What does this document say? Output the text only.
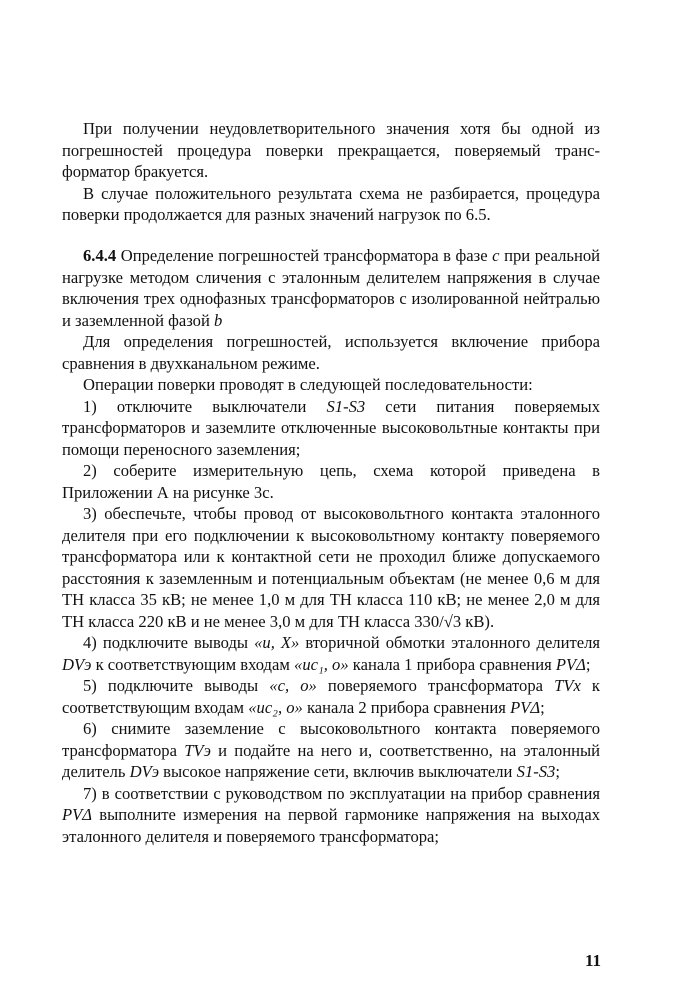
При получении неудовлетворительного значения хотя бы одной из погрешностей процедура поверки прекращается, поверяемый трансформатор бракуется.

В случае положительного результата схема не разбирается, процедура поверки продолжается для разных значений нагрузок по 6.5.

6.4.4 Определение погрешностей трансформатора в фазе c при реальной нагрузке методом сличения с эталонным делителем напряжения в случае включения трех однофазных трансформаторов с изолированной нейтралью и заземленной фазой b

Для определения погрешностей, используется включение прибора сравнения в двухканальном режиме.

Операции поверки проводят в следующей последовательности:

1) отключите выключатели S1-S3 сети питания поверяемых трансформаторов и заземлите отключенные высоковольтные контакты при помощи переносного заземления;

2) соберите измерительную цепь, схема которой приведена в Приложении А на рисунке 3с.

3) обеспечьте, чтобы провод от высоковольтного контакта эталонного делителя при его подключении к высоковольтному контакту поверяемого трансформатора или к контактной сети не проходил ближе допускаемого расстояния к заземленным и потенциальным объектам (не менее 0,6 м для ТН класса 35 кВ; не менее 1,0 м для ТН класса 110 кВ; не менее 2,0 м для ТН класса 220 кВ и не менее 3,0 м для ТН класса 330/√3 кВ).

4) подключите выводы «и, X» вторичной обмотки эталонного делителя DVэ к соответствующим входам «ис₁, о» канала 1 прибора сравнения PVΔ;

5) подключите выводы «с, о» поверяемого трансформатора TVх к соответствующим входам «ис₂, о» канала 2 прибора сравнения PVΔ;

6) снимите заземление с высоковольтного контакта поверяемого трансформатора TVэ и подайте на него и, соответственно, на эталонный делитель DVэ высокое напряжение сети, включив выключатели S1-S3;

7) в соответствии с руководством по эксплуатации на прибор сравнения PVΔ выполните измерения на первой гармонике напряжения на выходах эталонного делителя и поверяемого трансформатора;

11
